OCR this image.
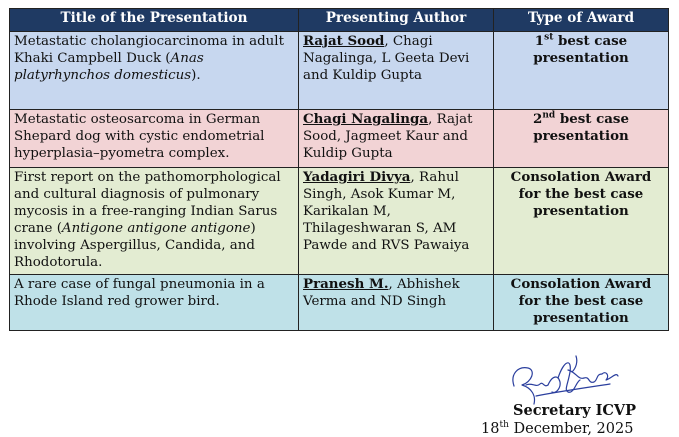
Title of the Presentation	Presenting Author	Type of Award
Metastatic cholangiocarcinoma in adult Khaki Campbell Duck (Anas platyrhynchos domesticus).	Rajat Sood, Chagi Nagalinga, L Geeta Devi and Kuldip Gupta	1st best case presentation
Metastatic osteosarcoma in German Shepard dog with cystic endometrial hyperplasia–pyometra complex.	Chagi Nagalinga, Rajat Sood, Jagmeet Kaur and Kuldip Gupta	2nd best case presentation
First report on the pathomorphological and cultural diagnosis of pulmonary mycosis in a free-ranging Indian Sarus crane (Antigone antigone antigone) involving Aspergillus, Candida, and Rhodotorula.	Yadagiri Divya, Rahul Singh, Asok Kumar M, Karikalan M, Thilageshwaran S, AM Pawde and RVS Pawaiya	Consolation Award for the best case presentation
A rare case of fungal pneumonia in a Rhode Island red grower bird.	Pranesh M., Abhishek Verma and ND Singh	Consolation Award for the best case presentation
Secretary ICVP
18th December, 2025
